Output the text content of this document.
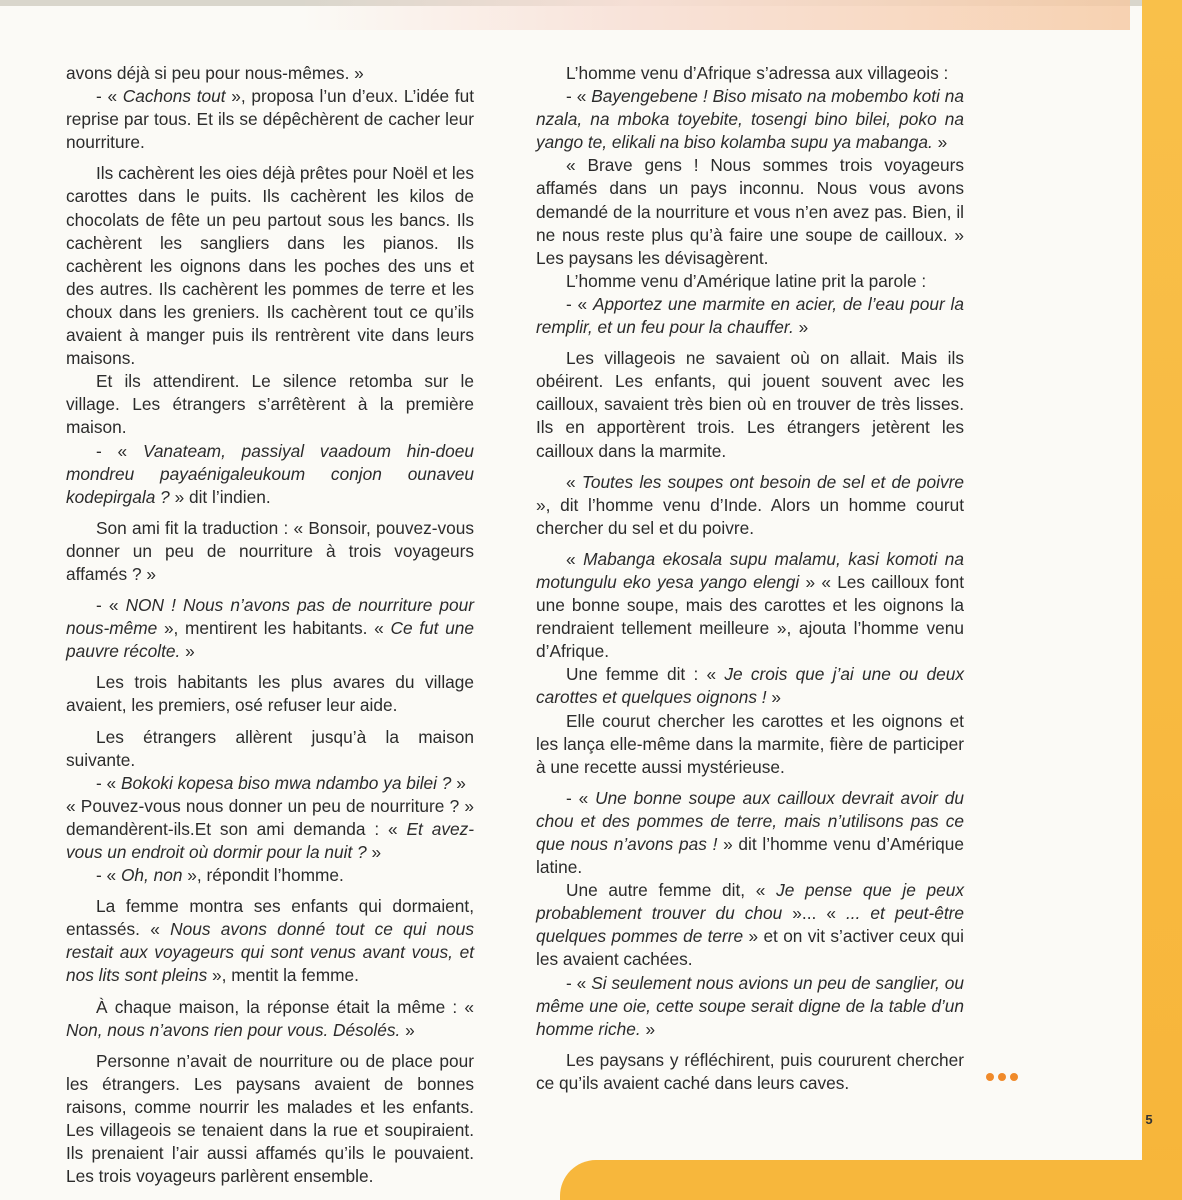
avons déjà si peu pour nous-mêmes. »

- « Cachons tout », proposa l’un d’eux. L’idée fut reprise par tous. Et ils se dépêchèrent de cacher leur nourriture.

Ils cachèrent les oies déjà prêtes pour Noël et les carottes dans le puits. Ils cachèrent les kilos de chocolats de fête un peu partout sous les bancs. Ils cachèrent les sangliers dans les pianos. Ils cachèrent les oignons dans les poches des uns et des autres. Ils cachèrent les pommes de terre et les choux dans les greniers. Ils cachèrent tout ce qu’ils avaient à manger puis ils rentrèrent vite dans leurs maisons.

Et ils attendirent. Le silence retomba sur le village. Les étrangers s’arrêtèrent à la première maison.

- « Vanateam, passiyal vaadoum hin-doeu mondreu payaénigaleukoum conjon ounaveu kodepirgala ? » dit l’indien.

Son ami fit la traduction : « Bonsoir, pouvez-vous donner un peu de nourriture à trois voyageurs affamés ? »

- « NON ! Nous n’avons pas de nourriture pour nous-même », mentirent les habitants. « Ce fut une pauvre récolte. »

Les trois habitants les plus avares du village avaient, les premiers, osé refuser leur aide.

Les étrangers allèrent jusqu’à la maison suivante.

- « Bokoki kopesa biso mwa ndambo ya bilei ? »

« Pouvez-vous nous donner un peu de nourriture ? » demandèrent-ils.Et son ami demanda : « Et avez-vous un endroit où dormir pour la nuit ? »

- « Oh, non », répondit l’homme.

La femme montra ses enfants qui dormaient, entassés. « Nous avons donné tout ce qui nous restait aux voyageurs qui sont venus avant vous, et nos lits sont pleins », mentit la femme.

À chaque maison, la réponse était la même : « Non, nous n’avons rien pour vous. Désolés. »

Personne n’avait de nourriture ou de place pour les étrangers. Les paysans avaient de bonnes raisons, comme nourrir les malades et les enfants. Les villageois se tenaient dans la rue et soupiraient. Ils prenaient l’air aussi affamés qu’ils le pouvaient. Les trois voyageurs parlèrent ensemble.

L’homme venu d’Afrique s’adressa aux villageois :

- « Bayengebene ! Biso misato na mobembo koti na nzala, na mboka toyebite, tosengi bino bilei, poko na yango te, elikali na biso kolamba supu ya mabanga. »

« Brave gens ! Nous sommes trois voyageurs affamés dans un pays inconnu. Nous vous avons demandé de la nourriture et vous n’en avez pas. Bien, il ne nous reste plus qu’à faire une soupe de cailloux. » Les paysans les dévisagèrent.

L’homme venu d’Amérique latine prit la parole :

- « Apportez une marmite en acier, de l’eau pour la remplir, et un feu pour la chauffer. »

Les villageois ne savaient où on allait. Mais ils obéirent. Les enfants, qui jouent souvent avec les cailloux, savaient très bien où en trouver de très lisses. Ils en apportèrent trois. Les étrangers jetèrent les cailloux dans la marmite.

« Toutes les soupes ont besoin de sel et de poivre », dit l’homme venu d’Inde. Alors un homme courut chercher du sel et du poivre.

« Mabanga ekosala supu malamu, kasi komoti na motungulu eko yesa yango elengi » « Les cailloux font une bonne soupe, mais des carottes et les oignons la rendraient tellement meilleure », ajouta l’homme venu d’Afrique.

Une femme dit : « Je crois que j’ai une ou deux carottes et quelques oignons ! »

Elle courut chercher les carottes et les oignons et les lança elle-même dans la marmite, fière de participer à une recette aussi mystérieuse.

- « Une bonne soupe aux cailloux devrait avoir du chou et des pommes de terre, mais n’utilisons pas ce que nous n’avons pas ! » dit l’homme venu d’Amérique latine.

Une autre femme dit, « Je pense que je peux probablement trouver du chou »... « ... et peut-être quelques pommes de terre » et on vit s’activer ceux qui les avaient cachées.

- « Si seulement nous avions un peu de sanglier, ou même une oie, cette soupe serait digne de la table d’un homme riche. »

Les paysans y réfléchirent, puis coururent chercher ce qu’ils avaient caché dans leurs caves.

5
